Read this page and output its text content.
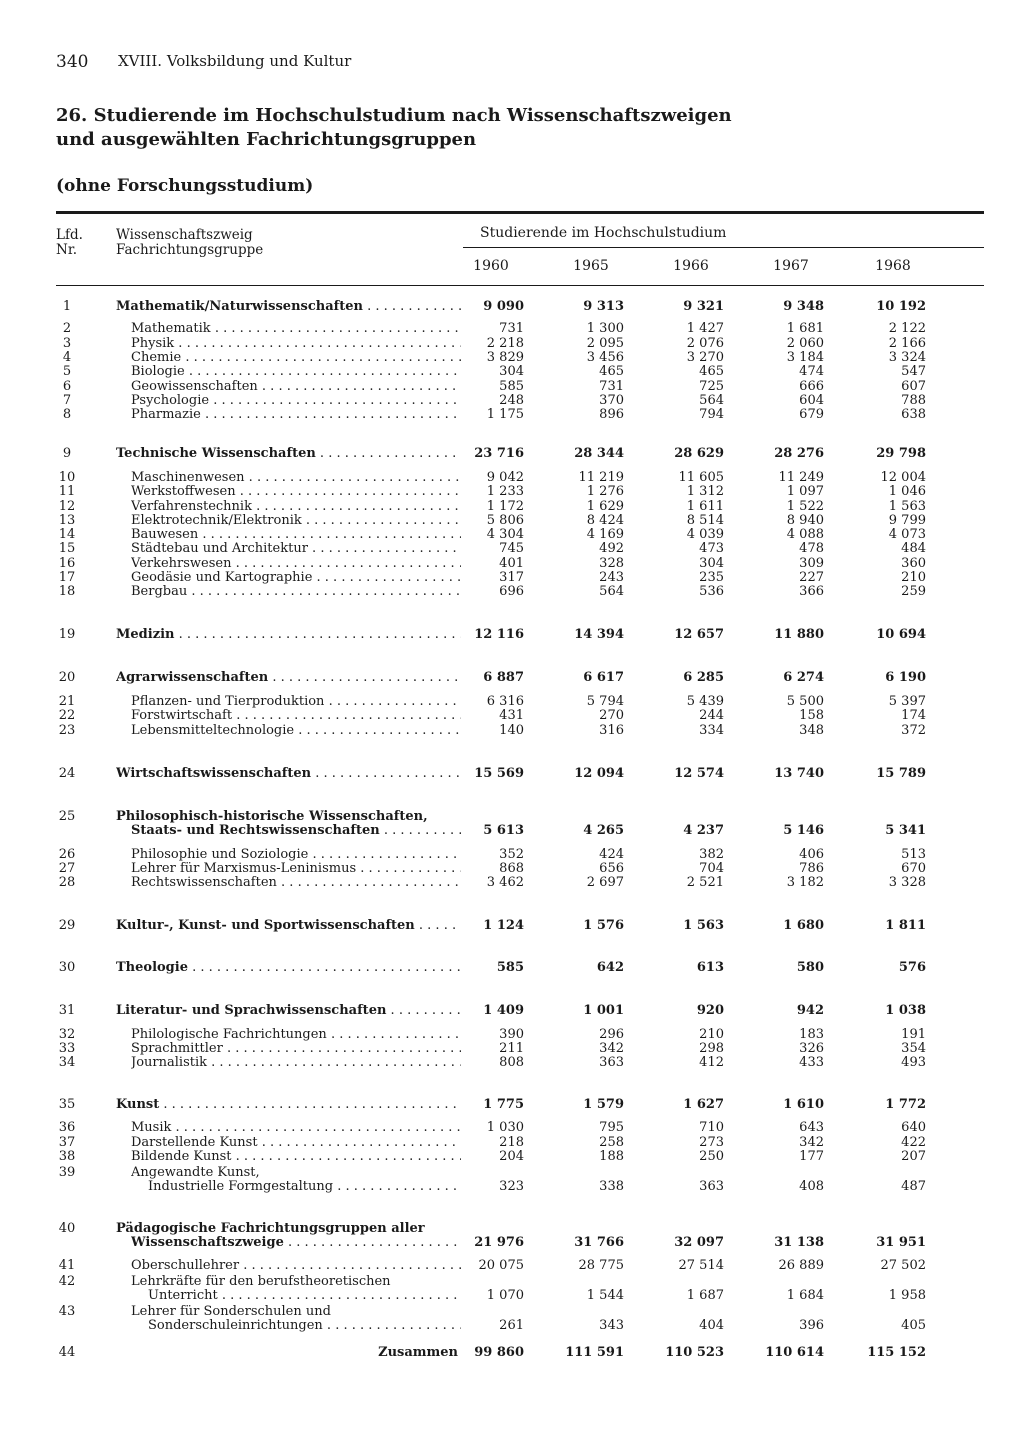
340 XVIII. Volksbildung und Kultur
26. Studierende im Hochschulstudium nach Wissenschaftszweigen
und ausgewählten Fachrichtungsgruppen
(ohne Forschungsstudium)
Lfd.
Nr.
Wissenschaftszweig
Fachrichtungsgruppe
Studierende im Hochschulstudium
1960	1965	1966	1967	1968
1	Mathematik/Naturwissenschaften . . .	9 090	9 313	9 321	9 348	10 192
2	Mathematik . . .	731	1 300	1 427	1 681	2 122
3	Physik . . .	2 218	2 095	2 076	2 060	2 166
4	Chemie . . .	3 829	3 456	3 270	3 184	3 324
5	Biologie . . .	304	465	465	474	547
6	Geowissenschaften . . .	585	731	725	666	607
7	Psychologie . . .	248	370	564	604	788
8	Pharmazie . . .	1 175	896	794	679	638
9	Technische Wissenschaften . . .	23 716	28 344	28 629	28 276	29 798
10	Maschinenwesen . . .	9 042	11 219	11 605	11 249	12 004
11	Werkstoffwesen . . .	1 233	1 276	1 312	1 097	1 046
12	Verfahrenstechnik . . .	1 172	1 629	1 611	1 522	1 563
13	Elektrotechnik/Elektronik . . .	5 806	8 424	8 514	8 940	9 799
14	Bauwesen . . .	4 304	4 169	4 039	4 088	4 073
15	Städtebau und Architektur . . .	745	492	473	478	484
16	Verkehrswesen . . .	401	328	304	309	360
17	Geodäsie und Kartographie . . .	317	243	235	227	210
18	Bergbau . . .	696	564	536	366	259
19	Medizin . . .	12 116	14 394	12 657	11 880	10 694
20	Agrarwissenschaften . . .	6 887	6 617	6 285	6 274	6 190
21	Pflanzen- und Tierproduktion . . .	6 316	5 794	5 439	5 500	5 397
22	Forstwirtschaft . . .	431	270	244	158	174
23	Lebensmitteltechnologie . . .	140	316	334	348	372
24	Wirtschaftswissenschaften . . .	15 569	12 094	12 574	13 740	15 789
25	Philosophisch-historische Wissenschaften,
Staats- und Rechtswissenschaften . . .	5 613	4 265	4 237	5 146	5 341
26	Philosophie und Soziologie . . .	352	424	382	406	513
27	Lehrer für Marxismus-Leninismus . . .	868	656	704	786	670
28	Rechtswissenschaften . . .	3 462	2 697	2 521	3 182	3 328
29	Kultur-, Kunst- und Sportwissenschaften . . .	1 124	1 576	1 563	1 680	1 811
30	Theologie . . .	585	642	613	580	576
31	Literatur- und Sprachwissenschaften . . .	1 409	1 001	920	942	1 038
32	Philologische Fachrichtungen . . .	390	296	210	183	191
33	Sprachmittler . . .	211	342	298	326	354
34	Journalistik . . .	808	363	412	433	493
35	Kunst . . .	1 775	1 579	1 627	1 610	1 772
36	Musik . . .	1 030	795	710	643	640
37	Darstellende Kunst . . .	218	258	273	342	422
38	Bildende Kunst . . .	204	188	250	177	207
39	Angewandte Kunst,
Industrielle Formgestaltung . . .	323	338	363	408	487
40	Pädagogische Fachrichtungsgruppen aller
Wissenschaftszweige . . .	21 976	31 766	32 097	31 138	31 951
41	Oberschullehrer . . .	20 075	28 775	27 514	26 889	27 502
42	Lehrkräfte für den berufstheoretischen
Unterricht . . .	1 070	1 544	1 687	1 684	1 958
43	Lehrer für Sonderschulen und
Sonderschuleinrichtungen . . .	261	343	404	396	405
44	Zusammen	99 860	111 591	110 523	110 614	115 152
